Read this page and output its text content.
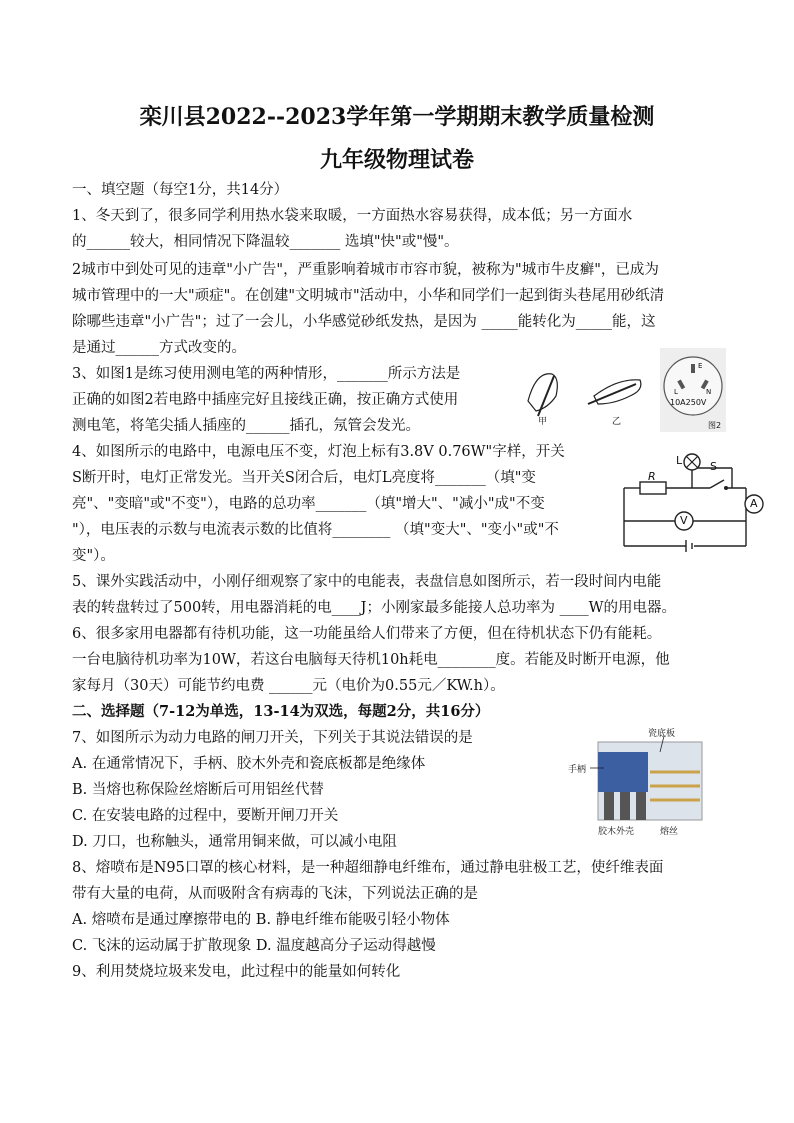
栾川县2022--2023学年第一学期期末教学质量检测
九年级物理试卷
一、填空题（每空1分，共14分）
1、冬天到了，很多同学利用热水袋来取暖，一方面热水容易获得，成本低；另一方面水
的______较大，相同情况下降温较_______ 选填"快"或"慢"。
2城市中到处可见的违章"小广告"，严重影响着城市市容市貌，被称为"城市牛皮癣"，已成为
城市管理中的一大"顽症"。在创建"文明城市"活动中，小华和同学们一起到街头巷尾用砂纸清
除哪些违章"小广告"；过了一会儿，小华感觉砂纸发热，是因为 _____能转化为_____能，这
是通过______方式改变的。
3、如图1是练习使用测电笔的两种情形，_______所示方法是
正确的如图2若电路中插座完好且接线正确，按正确方式使用
测电笔，将笔尖插人插座的______插孔，氖管会发光。
4、如图所示的电路中，电源电压不变，灯泡上标有3.8V 0.76W"字样，开关
S断开时，电灯正常发光。当开关S闭合后，电灯L亮度将_______（填"变
亮"、"变暗"或"不变"），电路的总功率_______（填"增大"、"减小"成"不变
"），电压表的示数与电流表示数的比值将________ （填"变大"、"变小"或"不
变"）。
5、课外实践活动中，小刚仔细观察了家中的电能表，表盘信息如图所示，若一段时间内电能
表的转盘转过了500转，用电器消耗的电____J；小刚家最多能接人总功率为 ____W的用电器。
6、很多家用电器都有待机功能，这一功能虽给人们带来了方便，但在待机状态下仍有能耗。
一台电脑待机功率为10W，若这台电脑每天待机10h耗电________度。若能及时断开电源，他
家每月（30天）可能节约电费 ______元（电价为0.55元／KW.h）。
二、选择题（7-12为单选，13-14为双选，每题2分，共16分）
7、如图所示为动力电路的闸刀开关，下列关于其说法错误的是
A. 在通常情况下，手柄、胶木外壳和瓷底板都是绝缘体
B. 当熔也称保险丝熔断后可用铝丝代替
C. 在安装电路的过程中，要断开闸刀开关
D. 刀口，也称触头，通常用铜来做，可以减小电阻
8、熔喷布是N95口罩的核心材料，是一种超细静电纤维布，通过静电驻极工艺，使纤维表面
带有大量的电荷，从而吸附含有病毒的飞沫，下列说法正确的是
A. 熔喷布是通过摩擦带电的 B. 静电纤维布能吸引轻小物体
C. 飞沫的运动属于扩散现象 D. 温度越高分子运动得越慢
9、利用焚烧垃圾来发电，此过程中的能量如何转化
甲	乙
E
L	N
10A250V
图2
R
L	S
A
V
瓷底板
手柄
胶木外壳	熔丝
